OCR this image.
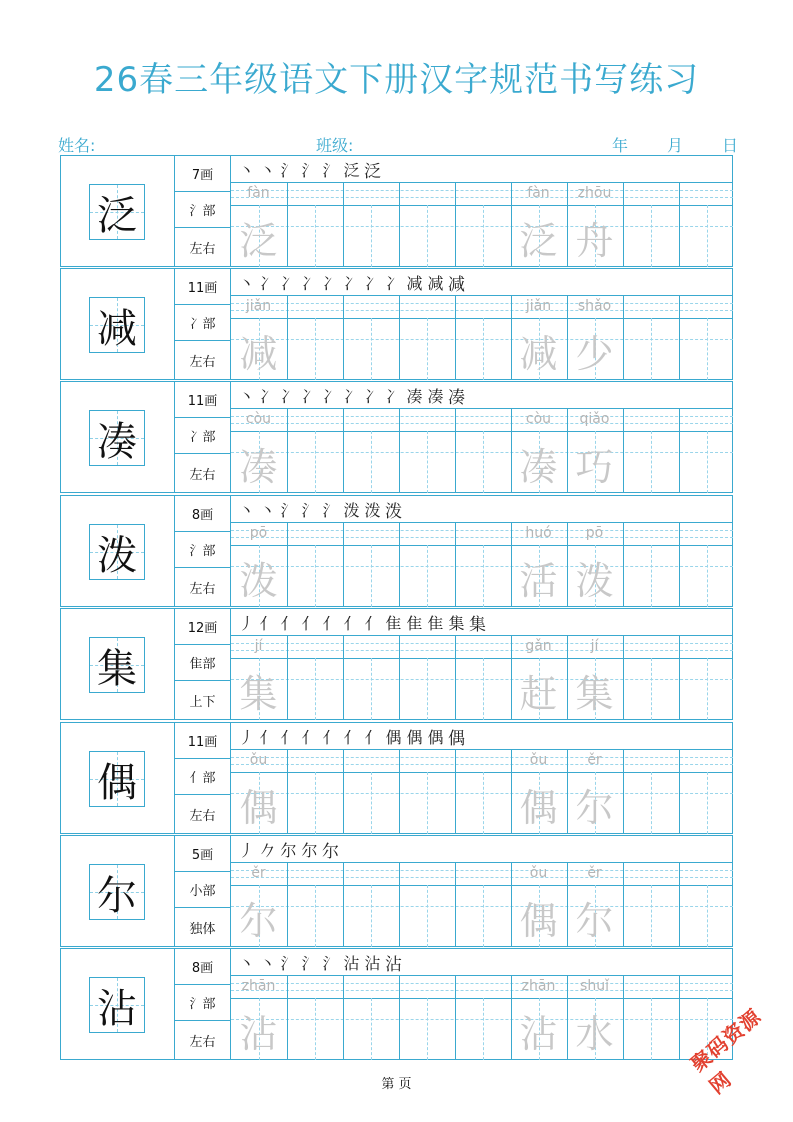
26春三年级语文下册汉字规范书写练习
姓名:	班级:	年 月 日
泛
7画
氵部
左右
丶 丶 氵 氵 氵 泛 泛
fàn
泛
fàn
泛
zhōu
舟
减
11画
冫部
左右
丶 冫 冫 冫 冫 冫 冫 冫 减 减 减
jiǎn
减
jiǎn
减
shǎo
少
凑
11画
冫部
左右
丶 冫 冫 冫 冫 冫 冫 冫 凑 凑 凑
còu
凑
còu
凑
qiǎo
巧
泼
8画
氵部
左右
丶 丶 氵 氵 氵 泼 泼 泼
pō
泼
huó
活
pō
泼
集
12画
隹部
上下
丿 亻 亻 亻 亻 亻 亻 隹 隹 隹 集 集
jí
集
gǎn
赶
jí
集
偶
11画
亻部
左右
丿 亻 亻 亻 亻 亻 亻 偶 偶 偶 偶
ǒu
偶
ǒu
偶
ěr
尔
尔
5画
小部
独体
丿 𠂊 尔 尔 尔
ěr
尔
ǒu
偶
ěr
尔
沾
8画
氵部
左右
丶 丶 氵 氵 氵 沾 沾 沾
zhān
沾
zhān
沾
shuǐ
水
第 页
聚码资源网
